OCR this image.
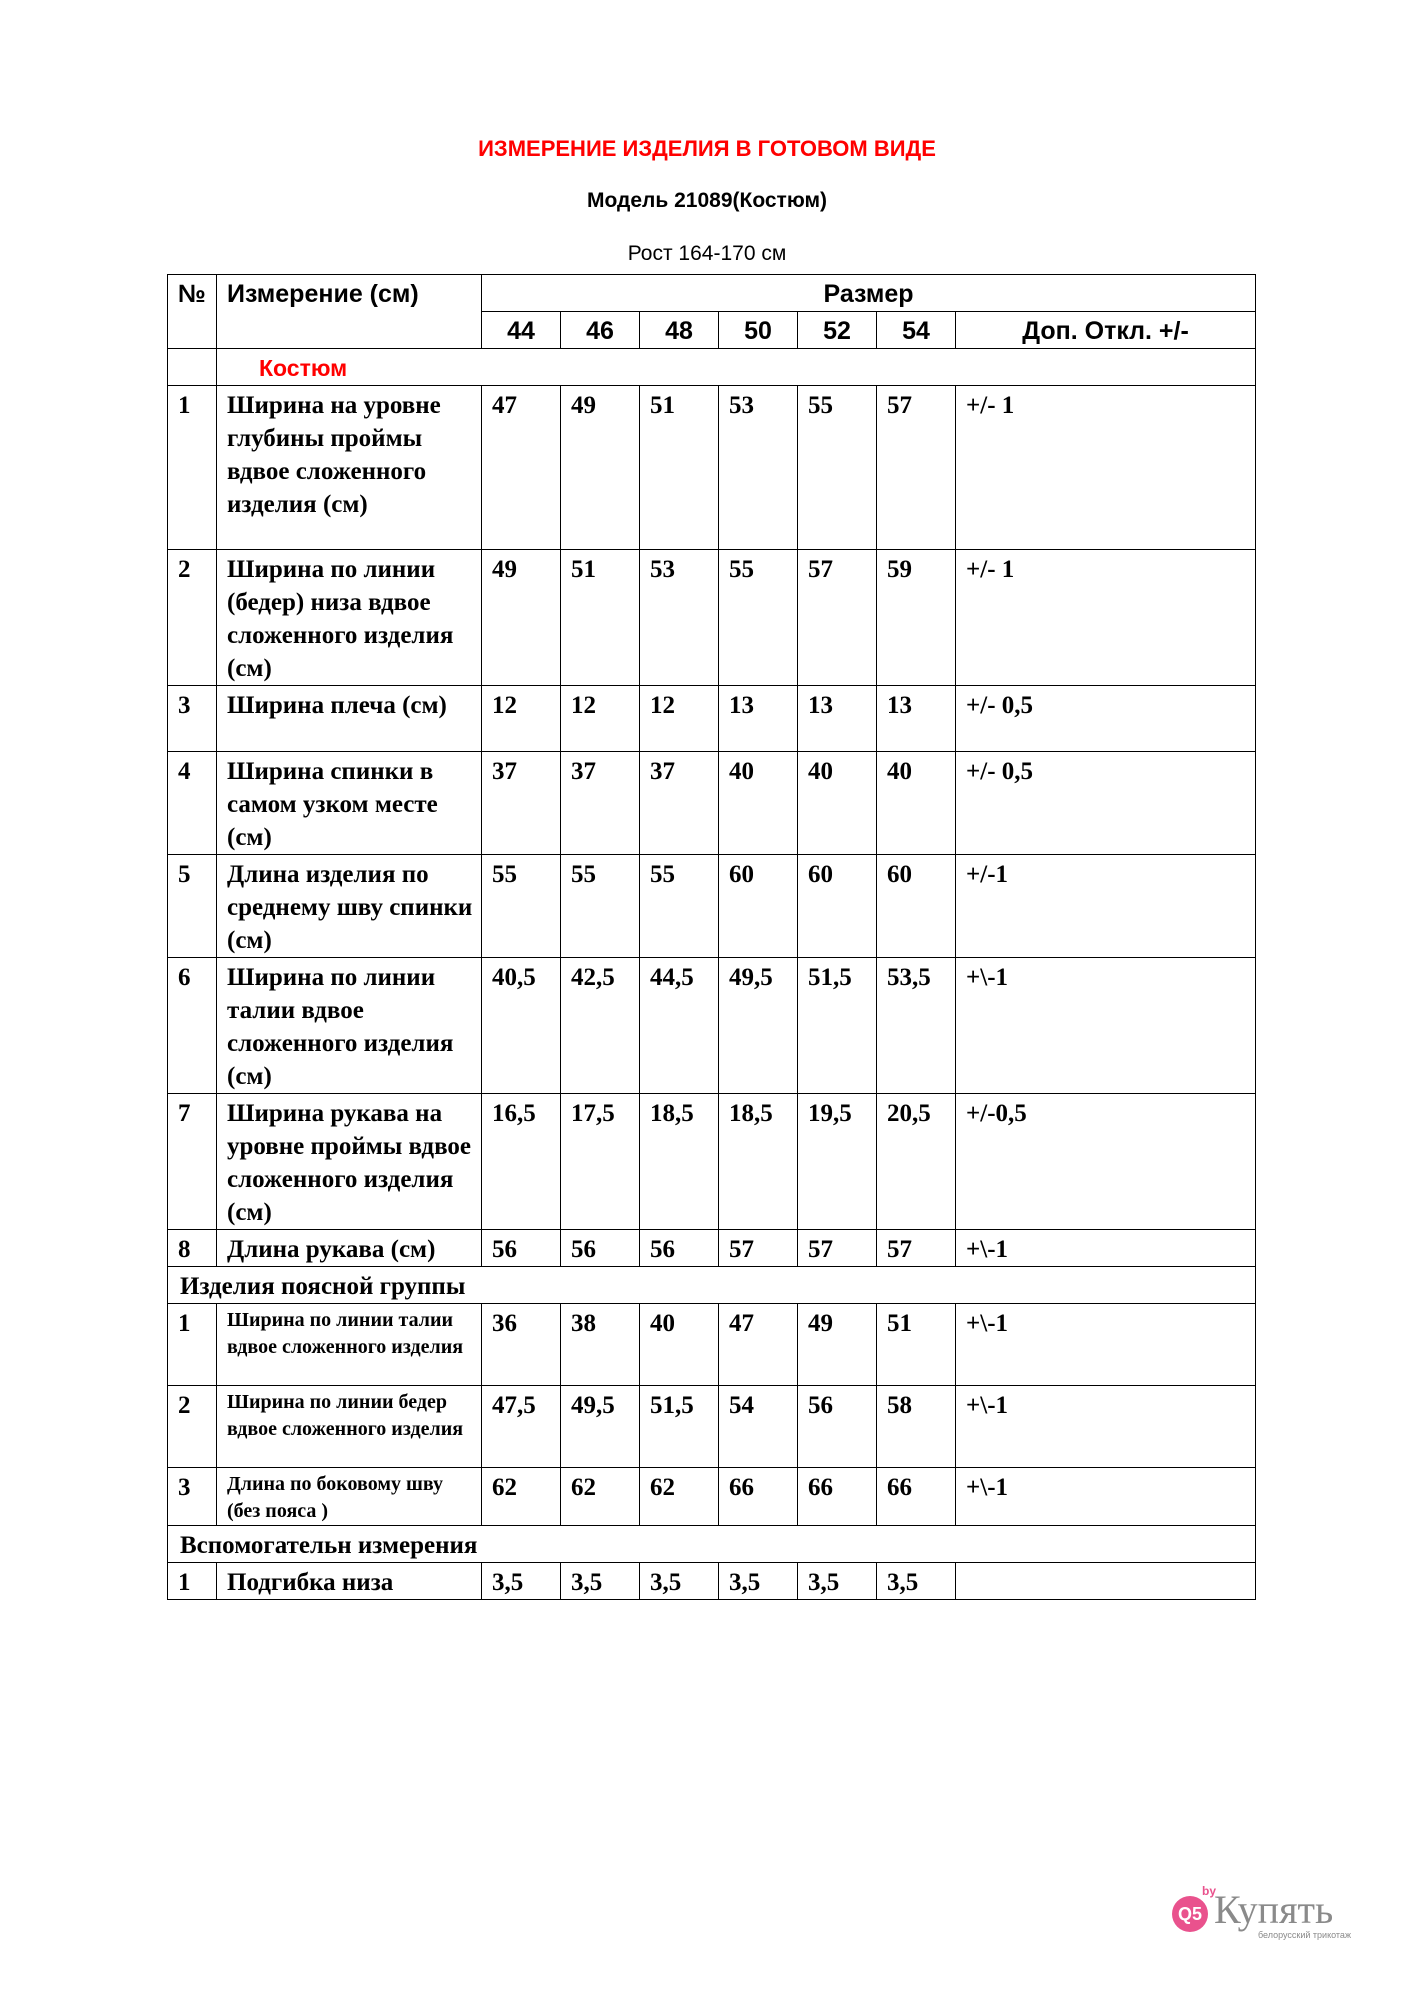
ИЗМЕРЕНИЕ ИЗДЕЛИЯ В ГОТОВОМ ВИДЕ
Модель 21089(Костюм)
Рост 164-170 см
№	Измерение (см)	Размер						
		44	46	48	50	52	54	Доп. Откл. +/-
	Костюм							
1	Ширина на уровне глубины проймы вдвое сложенного изделия (см)	47	49	51	53	55	57	+/- 1
2	Ширина по линии (бедер) низа вдвое сложенного изделия (см)	49	51	53	55	57	59	+/- 1
3	Ширина плеча (см)	12	12	12	13	13	13	+/- 0,5
4	Ширина спинки в самом узком месте (см)	37	37	37	40	40	40	+/- 0,5
5	Длина изделия по среднему шву спинки (см)	55	55	55	60	60	60	+/-1
6	Ширина по линии талии вдвое сложенного изделия (см)	40,5	42,5	44,5	49,5	51,5	53,5	+\-1
7	Ширина рукава на уровне проймы вдвое сложенного изделия (см)	16,5	17,5	18,5	18,5	19,5	20,5	+/-0,5
8	Длина рукава (см)	56	56	56	57	57	57	+\-1
Изделия поясной группы								
1	Ширина по линии талии вдвое сложенного изделия	36	38	40	47	49	51	+\-1
2	Ширина по линии бедер вдвое сложенного изделия	47,5	49,5	51,5	54	56	58	+\-1
3	Длина по боковому шву (без пояса )	62	62	62	66	66	66	+\-1
Вспомогательн измерения								
1	Подгибка низа	3,5	3,5	3,5	3,5	3,5	3,5	
Q5
by
Купять
белорусский трикотаж
